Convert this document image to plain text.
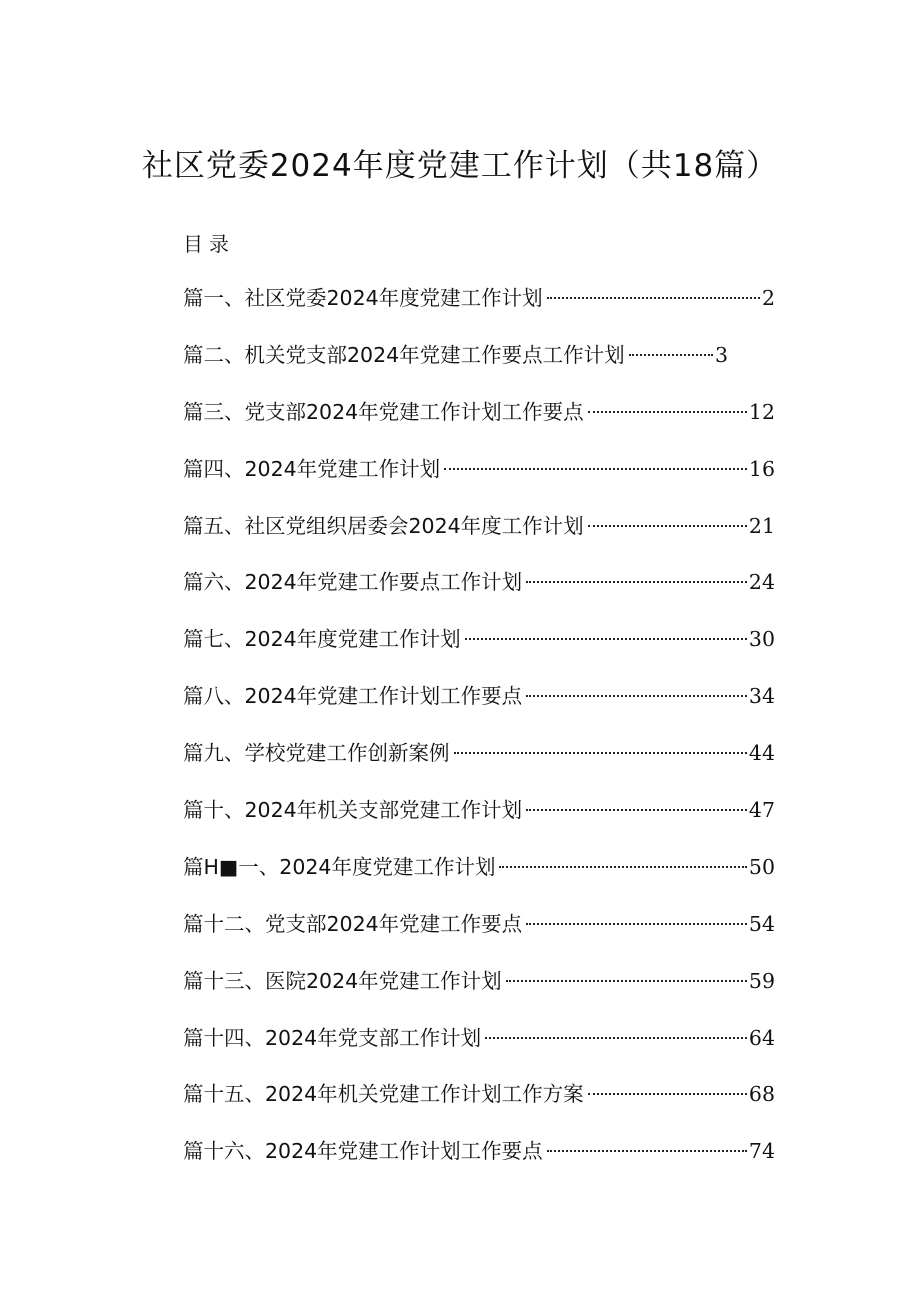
社区党委2024年度党建工作计划（共18篇）
目录
篇一、社区党委2024年度党建工作计划	2
篇二、机关党支部2024年党建工作要点工作计划	3
篇三、党支部2024年党建工作计划工作要点	12
篇四、2024年党建工作计划	16
篇五、社区党组织居委会2024年度工作计划	21
篇六、2024年党建工作要点工作计划	24
篇七、2024年度党建工作计划	30
篇八、2024年党建工作计划工作要点	34
篇九、学校党建工作创新案例	44
篇十、2024年机关支部党建工作计划	47
篇H■一、2024年度党建工作计划	50
篇十二、党支部2024年党建工作要点	54
篇十三、医院2024年党建工作计划	59
篇十四、2024年党支部工作计划	64
篇十五、2024年机关党建工作计划工作方案	68
篇十六、2024年党建工作计划工作要点	74
